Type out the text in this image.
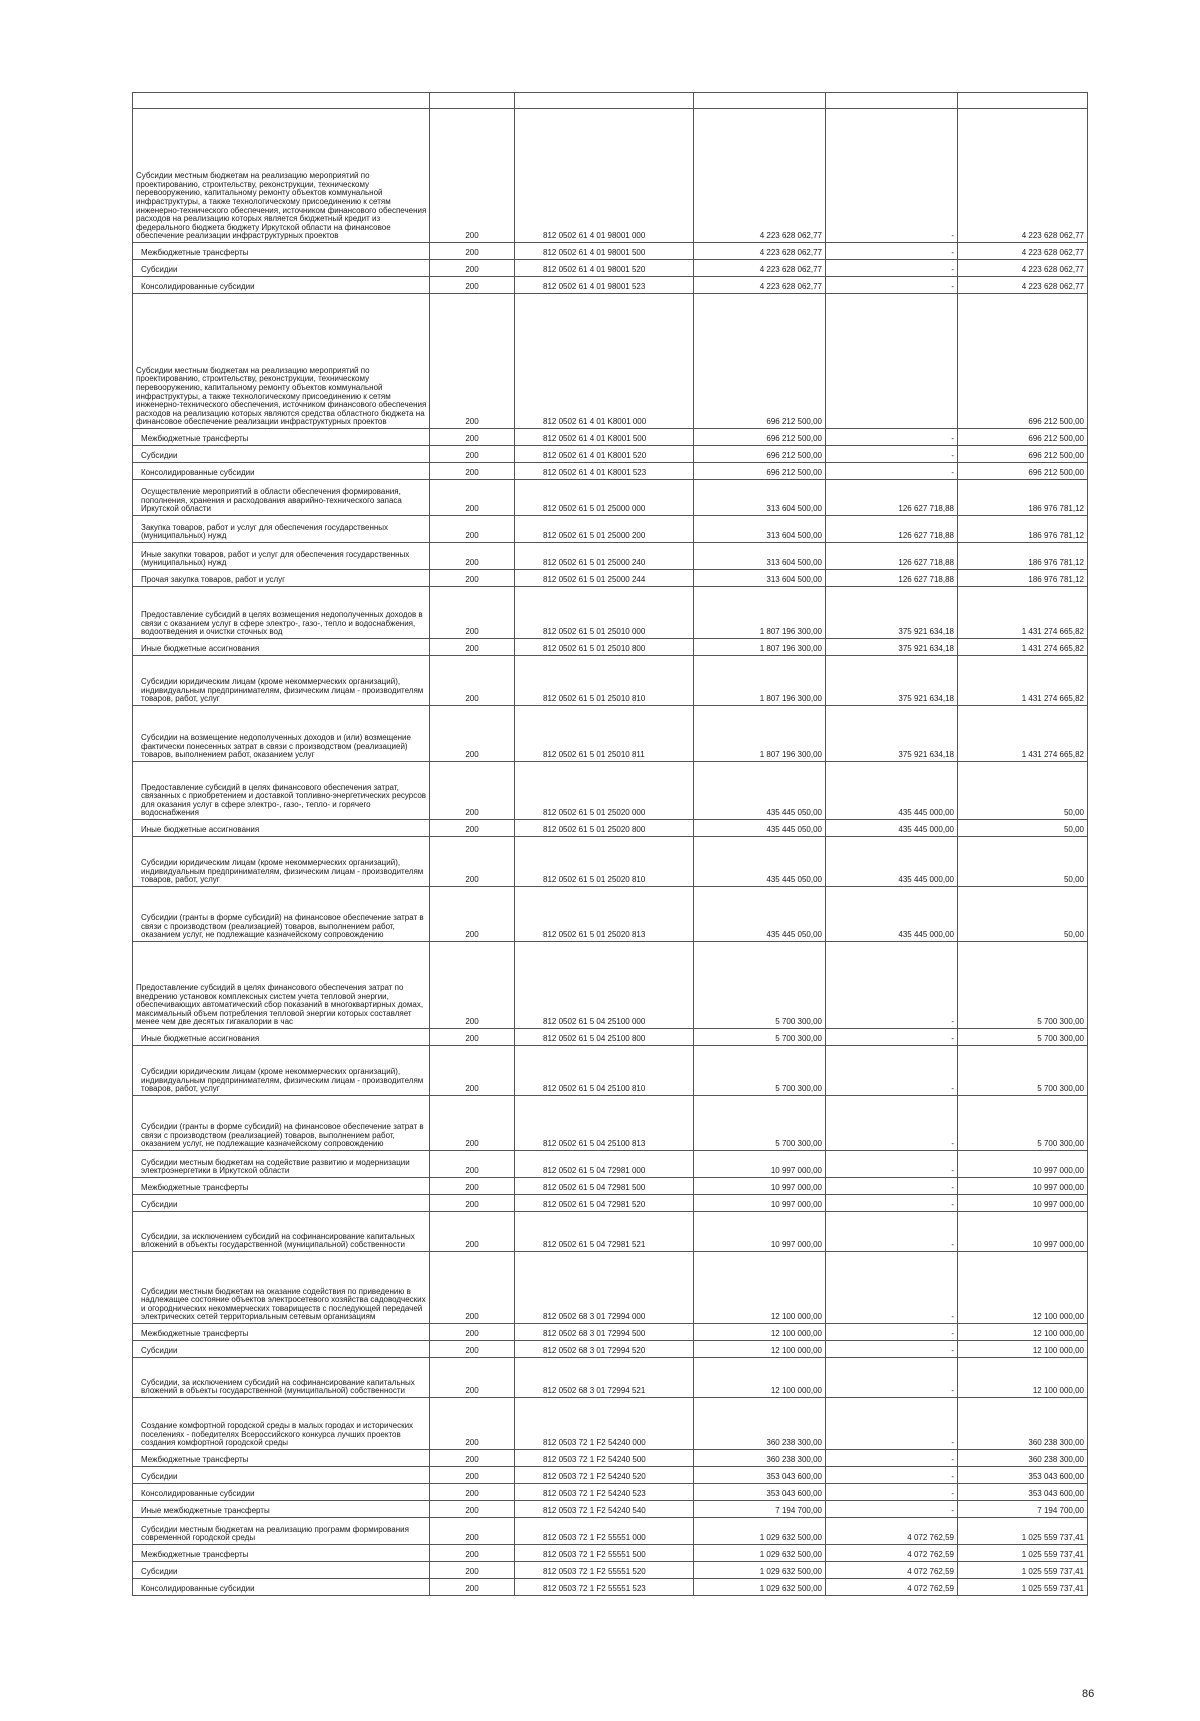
Субсидии местным бюджетам на реализацию мероприятий по проектированию, строительству, реконструкции, техническому перевооружению, капитальному ремонту объектов коммунальной инфраструктуры, а также технологическому присоединению к сетям инженерно-технического обеспечения, источником финансового обеспечения расходов на реализацию которых является бюджетный кредит из федерального бюджета бюджету Иркутской области на финансовое обеспечение реализации инфраструктурных проектов	200	812 0502 61 4 01 98001 000	4 223 628 062,77	-	4 223 628 062,77
Межбюджетные трансферты	200	812 0502 61 4 01 98001 500	4 223 628 062,77	-	4 223 628 062,77
Субсидии	200	812 0502 61 4 01 98001 520	4 223 628 062,77	-	4 223 628 062,77
Консолидированные субсидии	200	812 0502 61 4 01 98001 523	4 223 628 062,77	-	4 223 628 062,77
Субсидии местным бюджетам на реализацию мероприятий по проектированию, строительству, реконструкции, техническому перевооружению, капитальному ремонту объектов коммунальной инфраструктуры, а также технологическому присоединению к сетям инженерно-технического обеспечения, источником финансового обеспечения расходов на реализацию которых являются средства областного бюджета на финансовое обеспечение реализации инфраструктурных проектов	200	812 0502 61 4 01 K8001 000	696 212 500,00		696 212 500,00
Межбюджетные трансферты	200	812 0502 61 4 01 K8001 500	696 212 500,00	-	696 212 500,00
Субсидии	200	812 0502 61 4 01 K8001 520	696 212 500,00	-	696 212 500,00
Консолидированные субсидии	200	812 0502 61 4 01 K8001 523	696 212 500,00	-	696 212 500,00
Осуществление мероприятий в области обеспечения формирования, пополнения, хранения и расходования аварийно-технического запаса Иркутской области	200	812 0502 61 5 01 25000 000	313 604 500,00	126 627 718,88	186 976 781,12
Закупка товаров, работ и услуг для обеспечения государственных (муниципальных) нужд	200	812 0502 61 5 01 25000 200	313 604 500,00	126 627 718,88	186 976 781,12
Иные закупки товаров, работ и услуг для обеспечения государственных (муниципальных) нужд	200	812 0502 61 5 01 25000 240	313 604 500,00	126 627 718,88	186 976 781,12
Прочая закупка товаров, работ и услуг	200	812 0502 61 5 01 25000 244	313 604 500,00	126 627 718,88	186 976 781,12
Предоставление субсидий в целях возмещения недополученных доходов в связи с оказанием услуг в сфере электро-, газо-, тепло и водоснабжения, водоотведения и очистки сточных вод	200	812 0502 61 5 01 25010 000	1 807 196 300,00	375 921 634,18	1 431 274 665,82
Иные бюджетные ассигнования	200	812 0502 61 5 01 25010 800	1 807 196 300,00	375 921 634,18	1 431 274 665,82
Субсидии юридическим лицам (кроме некоммерческих организаций), индивидуальным предпринимателям, физическим лицам - производителям товаров, работ, услуг	200	812 0502 61 5 01 25010 810	1 807 196 300,00	375 921 634,18	1 431 274 665,82
Субсидии на возмещение недополученных доходов и (или) возмещение фактически понесенных затрат в связи с производством (реализацией) товаров, выполнением работ, оказанием услуг	200	812 0502 61 5 01 25010 811	1 807 196 300,00	375 921 634,18	1 431 274 665,82
Предоставление субсидий в целях финансового обеспечения затрат, связанных с приобретением и доставкой топливно-энергетических ресурсов для оказания услуг в сфере электро-, газо-, тепло- и горячего водоснабжения	200	812 0502 61 5 01 25020 000	435 445 050,00	435 445 000,00	50,00
Иные бюджетные ассигнования	200	812 0502 61 5 01 25020 800	435 445 050,00	435 445 000,00	50,00
Субсидии юридическим лицам (кроме некоммерческих организаций), индивидуальным предпринимателям, физическим лицам - производителям товаров, работ, услуг	200	812 0502 61 5 01 25020 810	435 445 050,00	435 445 000,00	50,00
Субсидии (гранты в форме субсидий) на финансовое обеспечение затрат в связи с производством (реализацией) товаров, выполнением работ, оказанием услуг, не подлежащие казначейскому сопровождению	200	812 0502 61 5 01 25020 813	435 445 050,00	435 445 000,00	50,00
Предоставление субсидий в целях финансового обеспечения затрат по внедрению установок комплексных систем учета тепловой энергии, обеспечивающих автоматический сбор показаний в многоквартирных домах, максимальный объем потребления тепловой энергии которых составляет менее чем две десятых гигакалории в час	200	812 0502 61 5 04 25100 000	5 700 300,00	-	5 700 300,00
Иные бюджетные ассигнования	200	812 0502 61 5 04 25100 800	5 700 300,00	-	5 700 300,00
Субсидии юридическим лицам (кроме некоммерческих организаций), индивидуальным предпринимателям, физическим лицам - производителям товаров, работ, услуг	200	812 0502 61 5 04 25100 810	5 700 300,00	-	5 700 300,00
Субсидии (гранты в форме субсидий) на финансовое обеспечение затрат в связи с производством (реализацией) товаров, выполнением работ, оказанием услуг, не подлежащие казначейскому сопровождению	200	812 0502 61 5 04 25100 813	5 700 300,00	-	5 700 300,00
Субсидии местным бюджетам на содействие развитию и модернизации электроэнергетики в Иркутской области	200	812 0502 61 5 04 72981 000	10 997 000,00	-	10 997 000,00
Межбюджетные трансферты	200	812 0502 61 5 04 72981 500	10 997 000,00	-	10 997 000,00
Субсидии	200	812 0502 61 5 04 72981 520	10 997 000,00	-	10 997 000,00
Субсидии, за исключением субсидий на софинансирование капитальных вложений в объекты государственной (муниципальной) собственности	200	812 0502 61 5 04 72981 521	10 997 000,00	-	10 997 000,00
Субсидии местным бюджетам на оказание содействия по приведению в надлежащее состояние объектов электросетевого хозяйства садоводческих и огороднических некоммерческих товариществ с последующей передачей электрических сетей территориальным сетевым организациям	200	812 0502 68 3 01 72994 000	12 100 000,00	-	12 100 000,00
Межбюджетные трансферты	200	812 0502 68 3 01 72994 500	12 100 000,00	-	12 100 000,00
Субсидии	200	812 0502 68 3 01 72994 520	12 100 000,00	-	12 100 000,00
Субсидии, за исключением субсидий на софинансирование капитальных вложений в объекты государственной (муниципальной) собственности	200	812 0502 68 3 01 72994 521	12 100 000,00	-	12 100 000,00
Создание комфортной городской среды в малых городах и исторических поселениях - победителях Всероссийского конкурса лучших проектов создания комфортной городской среды	200	812 0503 72 1 F2 54240 000	360 238 300,00	-	360 238 300,00
Межбюджетные трансферты	200	812 0503 72 1 F2 54240 500	360 238 300,00	-	360 238 300,00
Субсидии	200	812 0503 72 1 F2 54240 520	353 043 600,00	-	353 043 600,00
Консолидированные субсидии	200	812 0503 72 1 F2 54240 523	353 043 600,00	-	353 043 600,00
Иные межбюджетные трансферты	200	812 0503 72 1 F2 54240 540	7 194 700,00	-	7 194 700,00
Субсидии местным бюджетам на реализацию программ формирования современной городской среды	200	812 0503 72 1 F2 55551 000	1 029 632 500,00	4 072 762,59	1 025 559 737,41
Межбюджетные трансферты	200	812 0503 72 1 F2 55551 500	1 029 632 500,00	4 072 762,59	1 025 559 737,41
Субсидии	200	812 0503 72 1 F2 55551 520	1 029 632 500,00	4 072 762,59	1 025 559 737,41
Консолидированные субсидии	200	812 0503 72 1 F2 55551 523	1 029 632 500,00	4 072 762,59	1 025 559 737,41
86
